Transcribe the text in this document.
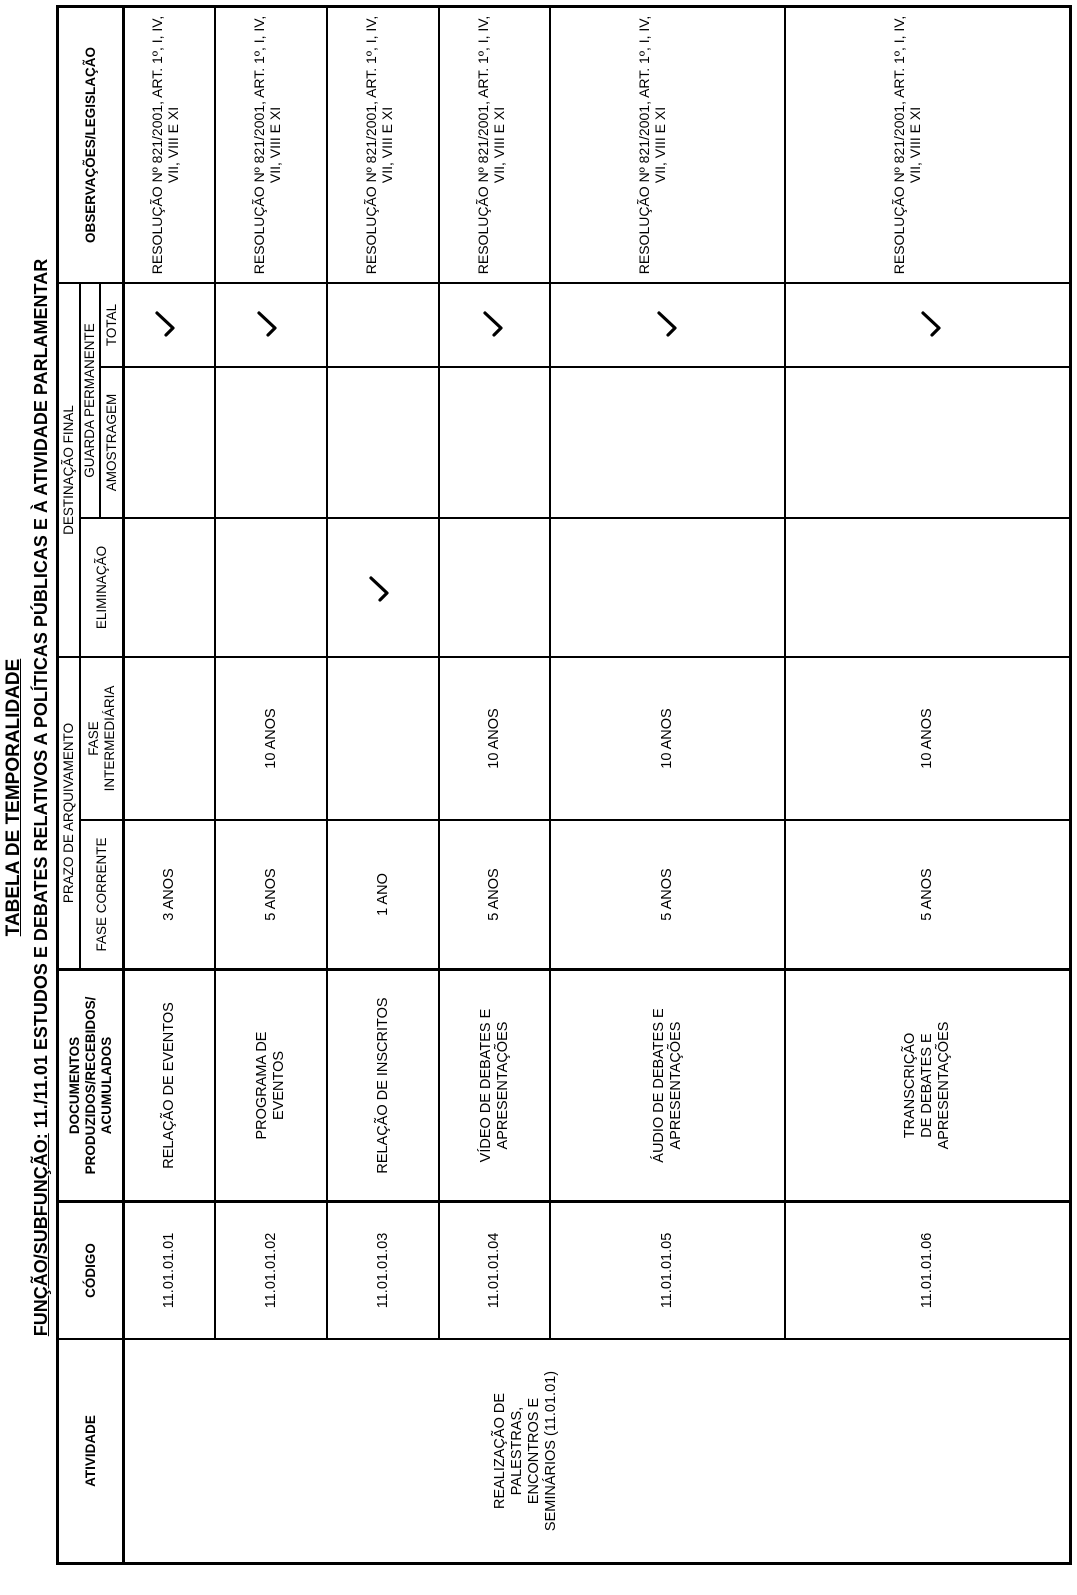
TABELA DE TEMPORALIDADE
FUNÇÃO/SUBFUNÇÃO: 11./11.01 ESTUDOS E DEBATES RELATIVOS A POLÍTICAS PÚBLICAS E À ATIVIDADE PARLAMENTAR
ATIVIDADE
CÓDIGO
DOCUMENTOS PRODUZIDOS/RECEBIDOS/ ACUMULADOS
PRAZO DE ARQUIVAMENTO	FASE CORRENTE
FASE INTERMEDIÁRIA
DESTINAÇÃO FINAL
ELIMINAÇÃO
GUARDA PERMANENTE AMOSTRAGEM
TOTAL
OBSERVAÇÕES/LEGISLAÇÃO
REALIZAÇÃO DE PALESTRAS, ENCONTROS E SEMINÁRIOS (11.01.01)
11.01.01.01
RELAÇÃO DE EVENTOS
3 ANOS
RESOLUÇÃO Nº 821/2001, ART. 1º, I, IV, VII, VIII E XI
11.01.01.02
PROGRAMA DE EVENTOS
5 ANOS
10 ANOS
RESOLUÇÃO Nº 821/2001, ART. 1º, I, IV, VII, VIII E XI
11.01.01.03
RELAÇÃO DE INSCRITOS
1 ANO
RESOLUÇÃO Nº 821/2001, ART. 1º, I, IV, VII, VIII E XI
11.01.01.04
VÍDEO DE DEBATES E APRESENTAÇÕES
5 ANOS
10 ANOS
RESOLUÇÃO Nº 821/2001, ART. 1º, I, IV, VII, VIII E XI
11.01.01.05
ÁUDIO DE DEBATES E APRESENTAÇÕES
5 ANOS
10 ANOS
RESOLUÇÃO Nº 821/2001, ART. 1º, I, IV, VII, VIII E XI
11.01.01.06
TRANSCRIÇÃO DE DEBATES E APRESENTAÇÕES
5 ANOS
10 ANOS
RESOLUÇÃO Nº 821/2001, ART. 1º, I, IV, VII, VIII E XI
